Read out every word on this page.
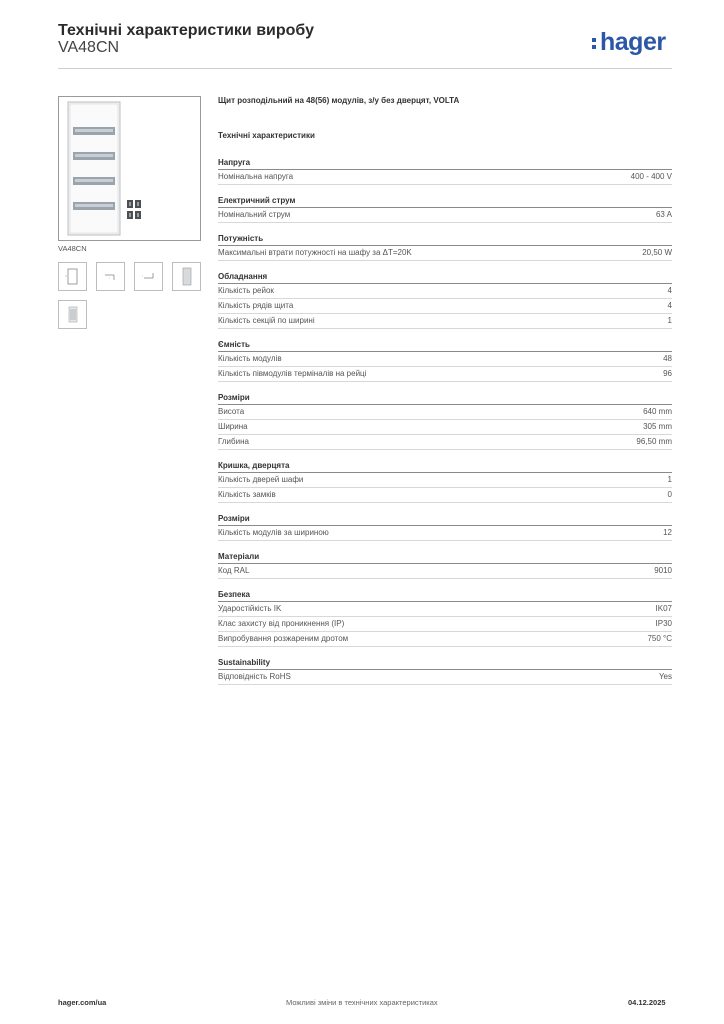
Технічні характеристики виробу
VA48CN	hager
VA48CN
Щит розподільний на 48(56) модулів, з/у без дверцят, VOLTA
Технічні характеристики
Напруга
Номінальна напруга	400 - 400 V
Електричний струм
Номінальний струм	63 A
Потужність
Максимальні втрати потужності на шафу за ΔT=20K	20,50 W
Обладнання
Кількість рейок	4
Кількість рядів щита	4
Кількість секцій по ширині	1
Ємність
Кількість модулів	48
Кількість півмодулів терміналів на рейці	96
Розміри
Висота	640 mm
Ширина	305 mm
Глибина	96,50 mm
Кришка, дверцята
Кількість дверей шафи	1
Кількість замків	0
Розміри
Кількість модулів за шириною	12
Матеріали
Код RAL	9010
Безпека
Ударостійкість IK	IK07
Клас захисту від проникнення (IP)	IP30
Випробування розжареним дротом	750 °C
Sustainability
Відповідність RoHS	Yes
hager.com/ua	Можливі зміни в технічних характеристиках	04.12.2025
